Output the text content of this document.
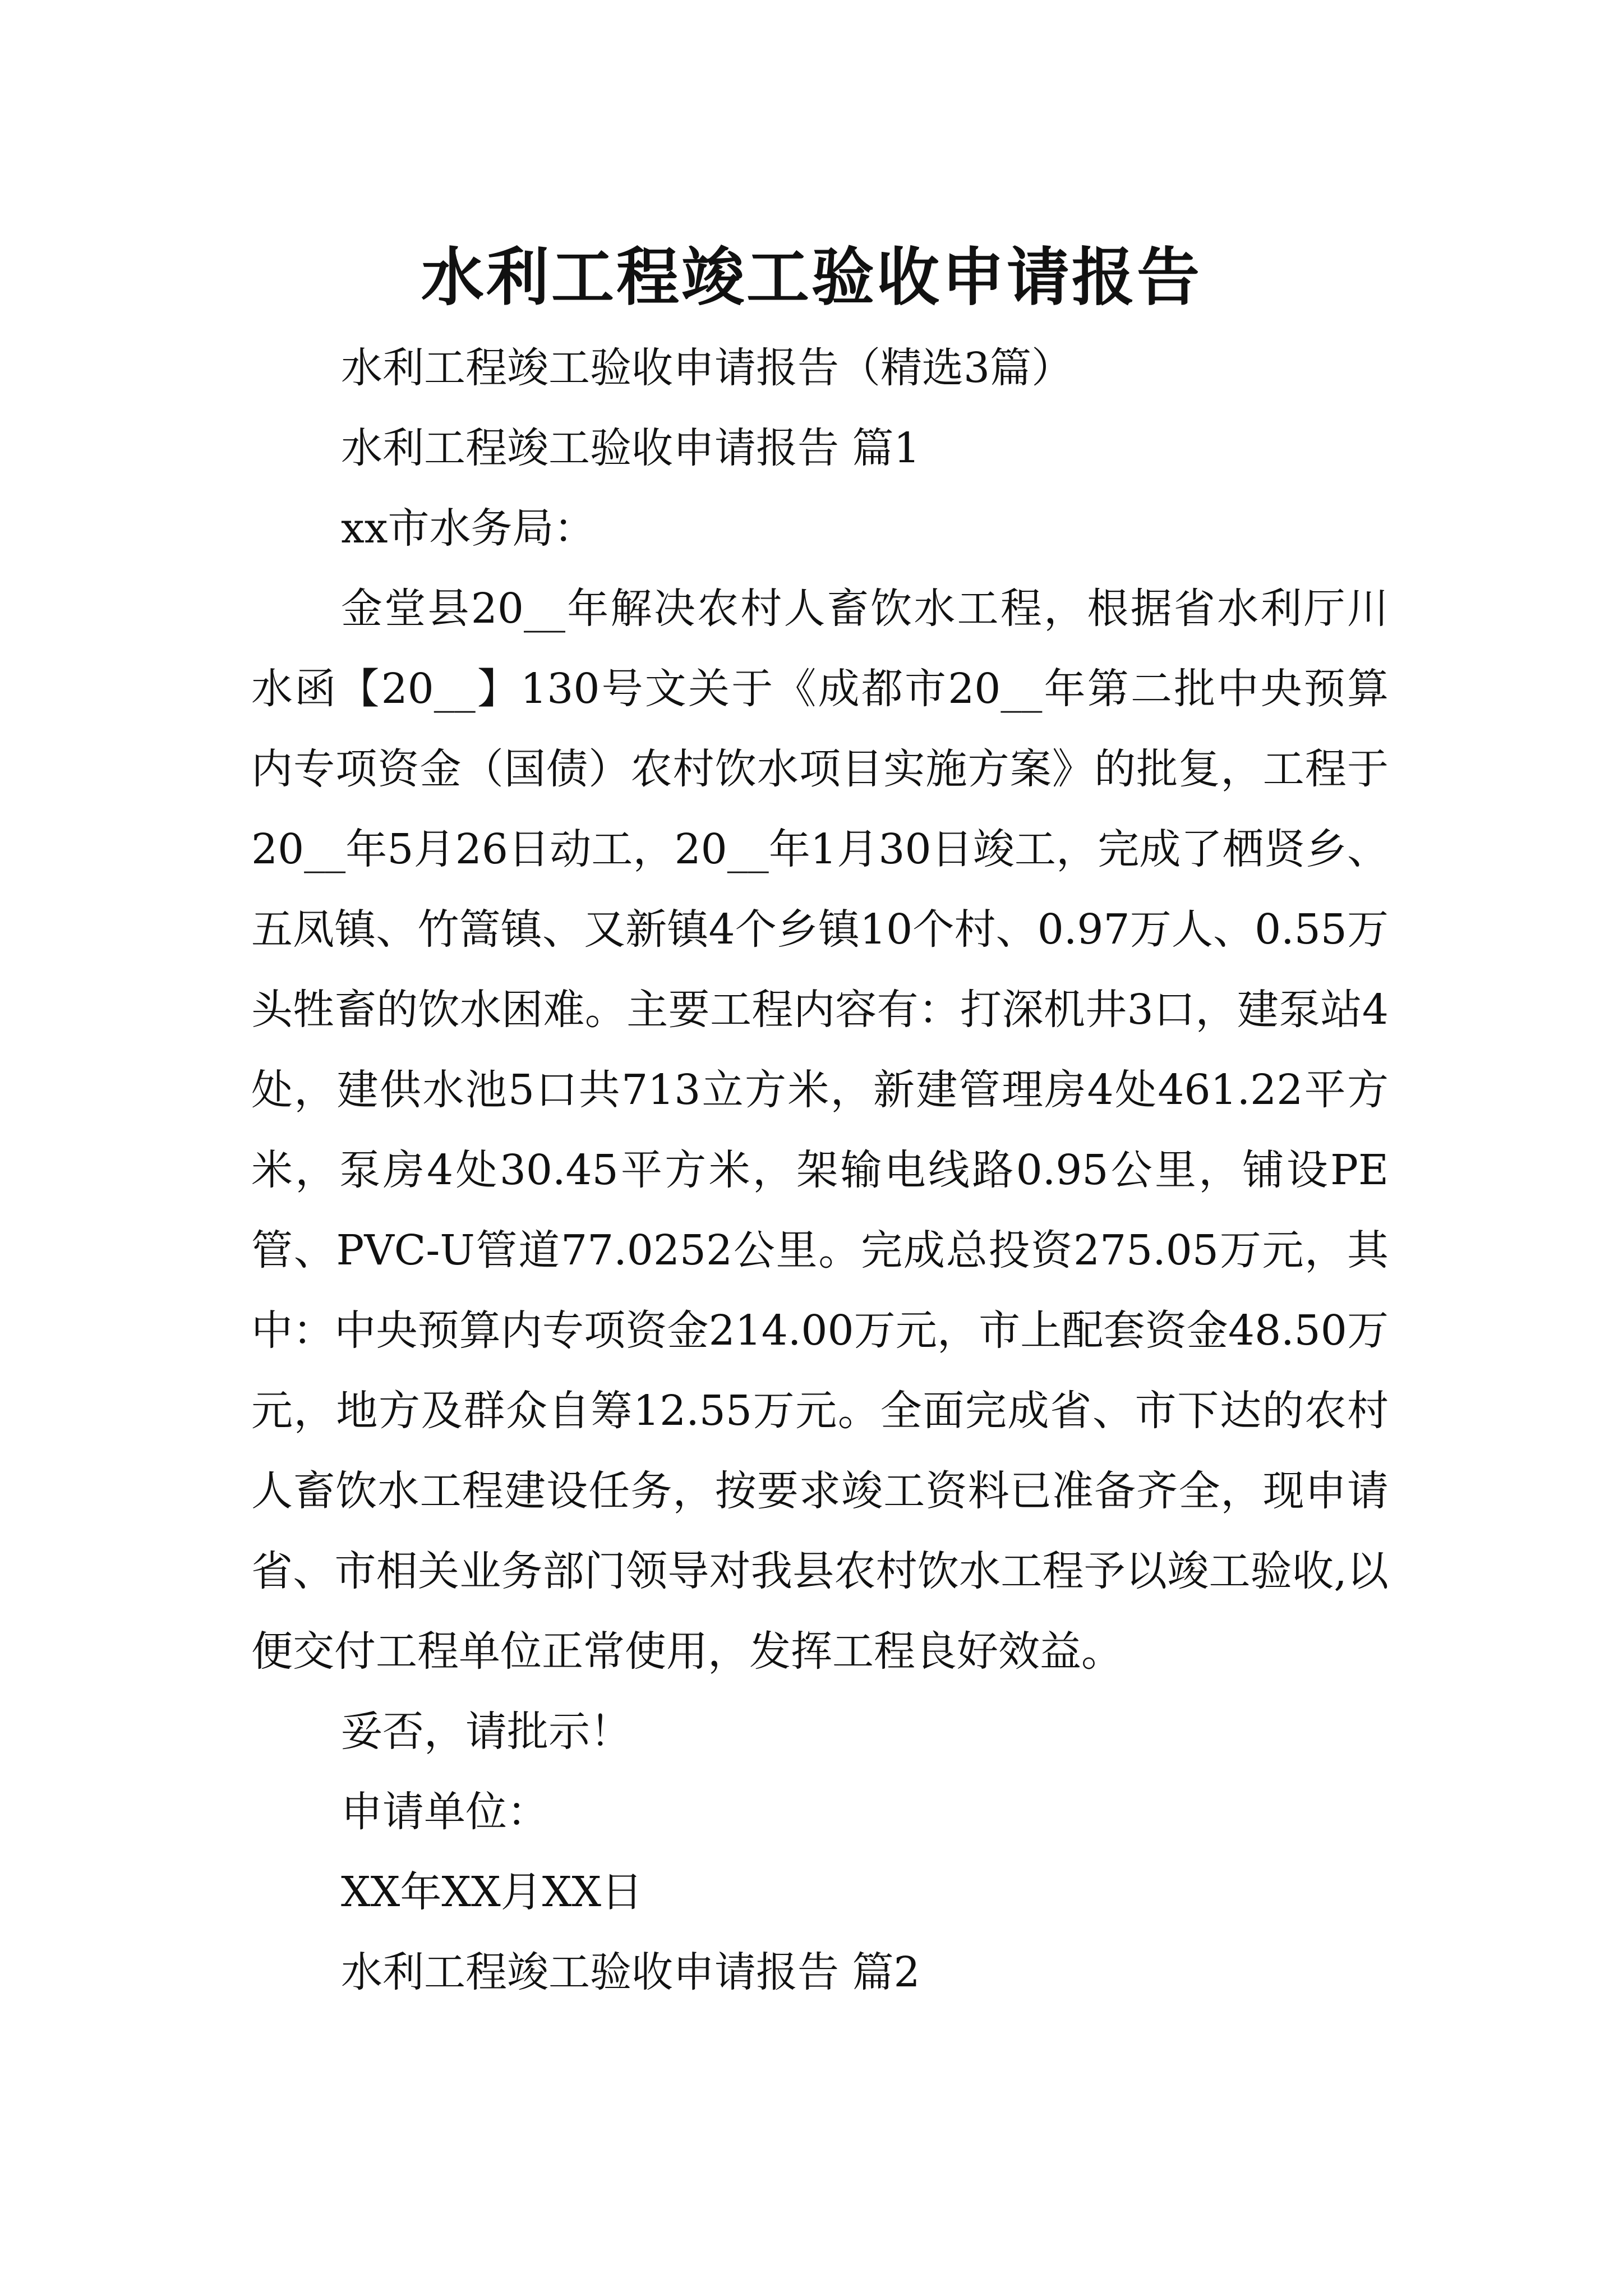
水利工程竣工验收申请报告

水利工程竣工验收申请报告（精选3篇）

水利工程竣工验收申请报告 篇1

xx市水务局：

金堂县20__年解决农村人畜饮水工程，根据省水利厅川水函【20__】130号文关于《成都市20__年第二批中央预算内专项资金（国债）农村饮水项目实施方案》的批复，工程于20__年5月26日动工，20__年1月30日竣工，完成了栖贤乡、五凤镇、竹篙镇、又新镇4个乡镇10个村、0.97万人、0.55万头牲畜的饮水困难。主要工程内容有：打深机井3口，建泵站4处，建供水池5口共713立方米，新建管理房4处461.22平方米，泵房4处30.45平方米，架输电线路0.95公里，铺设PE管、PVC-U管道77.0252公里。完成总投资275.05万元，其中：中央预算内专项资金214.00万元，市上配套资金48.50万元，地方及群众自筹12.55万元。全面完成省、市下达的农村人畜饮水工程建设任务，按要求竣工资料已准备齐全，现申请省、市相关业务部门领导对我县农村饮水工程予以竣工验收,以便交付工程单位正常使用，发挥工程良好效益。

妥否，请批示！

申请单位：

XX年XX月XX日

水利工程竣工验收申请报告 篇2
